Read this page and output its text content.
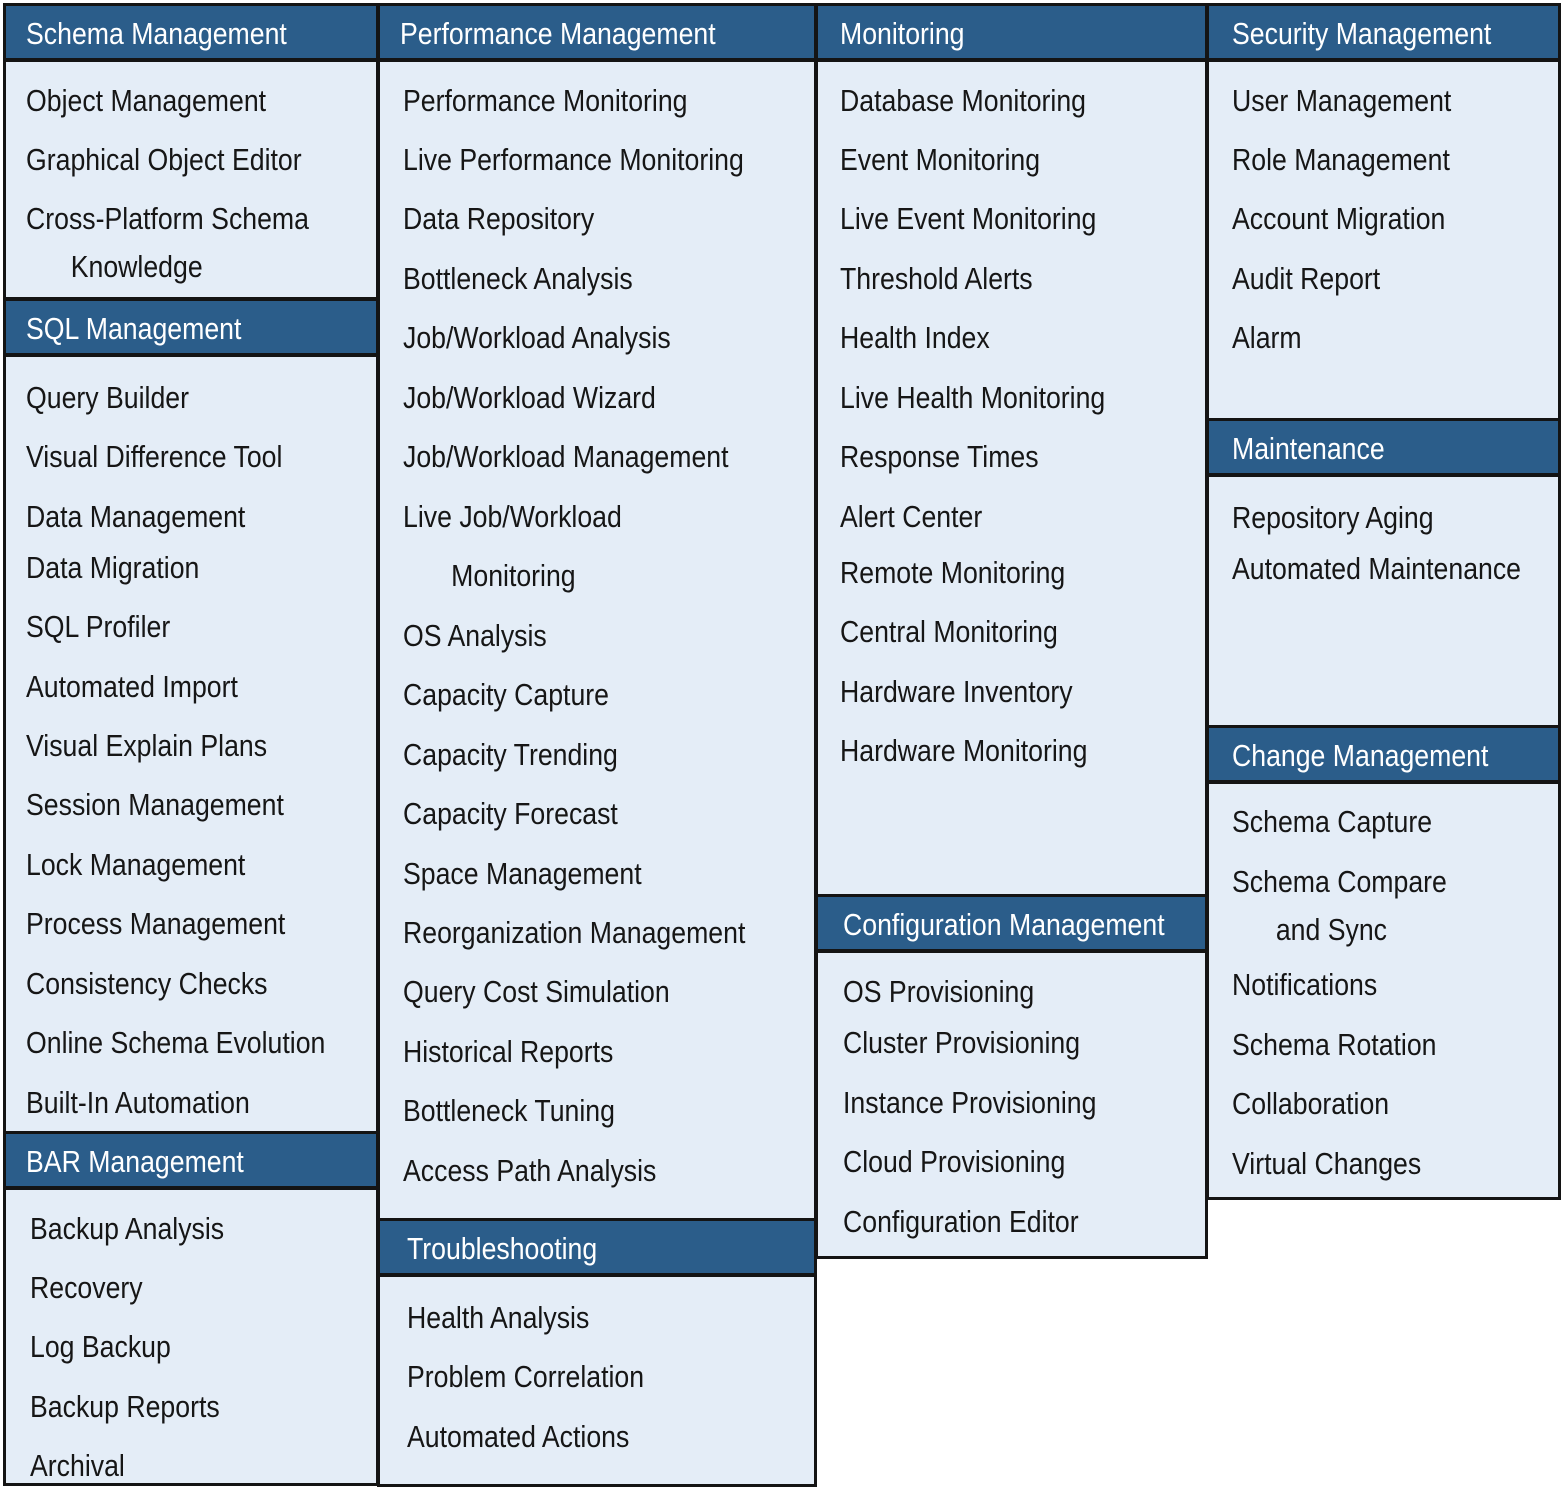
Schema Management
Object Management
Graphical Object Editor
Cross-Platform Schema
Knowledge
SQL Management
Query Builder
Visual Difference Tool
Data Management
Data Migration
SQL Profiler
Automated Import
Visual Explain Plans
Session Management
Lock Management
Process Management
Consistency Checks
Online Schema Evolution
Built-In Automation
BAR Management
Backup Analysis
Recovery
Log Backup
Backup Reports
Archival
Performance Management
Performance Monitoring
Live Performance Monitoring
Data Repository
Bottleneck Analysis
Job/Workload Analysis
Job/Workload Wizard
Job/Workload Management
Live Job/Workload
Monitoring
OS Analysis
Capacity Capture
Capacity Trending
Capacity Forecast
Space Management
Reorganization Management
Query Cost Simulation
Historical Reports
Bottleneck Tuning
Access Path Analysis
Troubleshooting
Health Analysis
Problem Correlation
Automated Actions
Monitoring
Database Monitoring
Event Monitoring
Live Event Monitoring
Threshold Alerts
Health Index
Live Health Monitoring
Response Times
Alert Center
Remote Monitoring
Central Monitoring
Hardware Inventory
Hardware Monitoring
Configuration Management
OS Provisioning
Cluster Provisioning
Instance Provisioning
Cloud Provisioning
Configuration Editor
Security Management
User Management
Role Management
Account Migration
Audit Report
Alarm
Maintenance
Repository Aging
Automated Maintenance
Change Management
Schema Capture
Schema Compare
and Sync
Notifications
Schema Rotation
Collaboration
Virtual Changes
